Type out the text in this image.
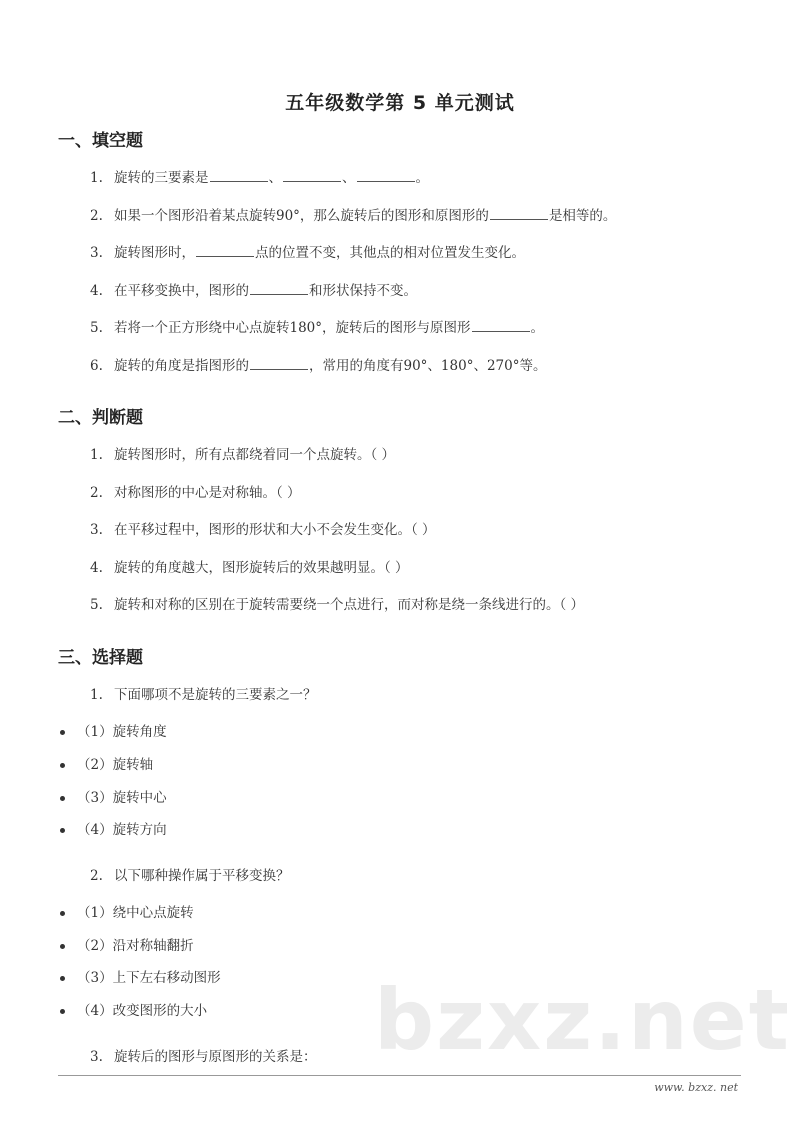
bzxz.net
五年级数学第 5 单元测试
一、填空题
1. 旋转的三要素是	、	、	。
2. 如果一个图形沿着某点旋转90°，那么旋转后的图形和原图形的	是相等的。
3. 旋转图形时，	点的位置不变，其他点的相对位置发生变化。
4. 在平移变换中，图形的	和形状保持不变。
5. 若将一个正方形绕中心点旋转180°，旋转后的图形与原图形	。
6. 旋转的角度是指图形的	，常用的角度有90°、180°、270°等。
二、判断题
1. 旋转图形时，所有点都绕着同一个点旋转。（ ）
2. 对称图形的中心是对称轴。（ ）
3. 在平移过程中，图形的形状和大小不会发生变化。（ ）
4. 旋转的角度越大，图形旋转后的效果越明显。（ ）
5. 旋转和对称的区别在于旋转需要绕一个点进行，而对称是绕一条线进行的。（ ）
三、选择题
1. 下面哪项不是旋转的三要素之一？
（1）旋转角度
（2）旋转轴
（3）旋转中心
（4）旋转方向
2. 以下哪种操作属于平移变换？
（1）绕中心点旋转
（2）沿对称轴翻折
（3）上下左右移动图形
（4）改变图形的大小
3. 旋转后的图形与原图形的关系是：
www. bzxz. net
